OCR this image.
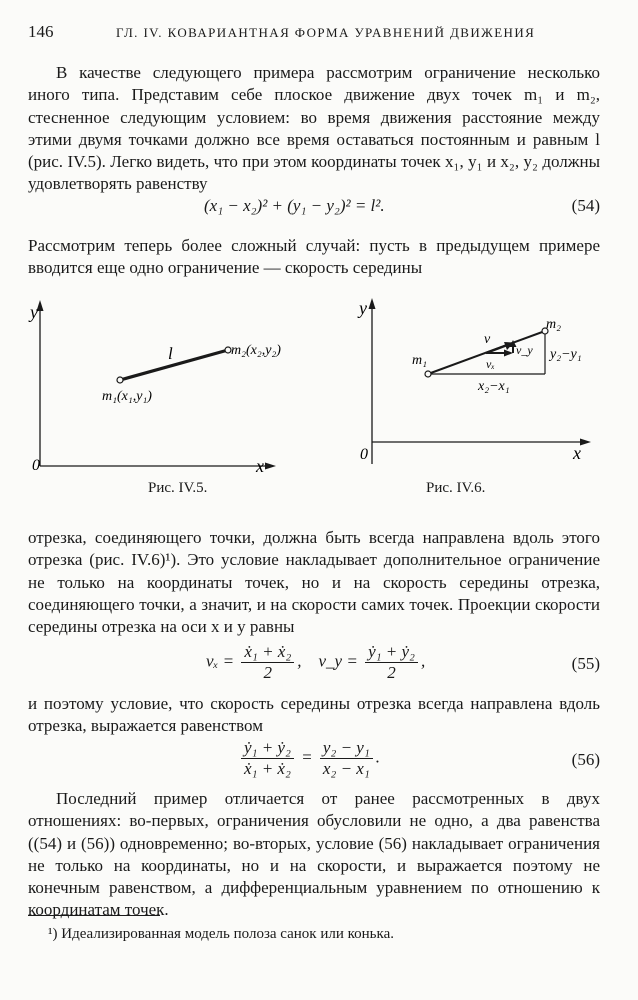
146	ГЛ. IV. КОВАРИАНТНАЯ ФОРМА УРАВНЕНИЙ ДВИЖЕНИЯ

В качестве следующего примера рассмотрим ограничение несколько иного типа. Представим себе плоское движение двух точек m₁ и m₂, стесненное следующим условием: во время движения расстояние между этими двумя точками должно все время оставаться постоянным и равным l (рис. IV.5). Легко видеть, что при этом координаты точек x₁, y₁ и x₂, y₂ должны удовлетворять равенству

(x₁ − x₂)² + (y₁ − y₂)² = l².	(54)

Рассмотрим теперь более сложный случай: пусть в предыдущем примере вводится еще одно ограничение — скорость середины

y
x
0
l
m₁(x₁,y₁)
m₂(x₂,y₂)
Рис. IV.5.
y
x
0
m₁
m₂
v
vₓ
v_y
x₂−x₁
y₂−y₁
Рис. IV.6.

отрезка, соединяющего точки, должна быть всегда направлена вдоль этого отрезка (рис. IV.6)¹). Это условие накладывает дополнительное ограничение не только на координаты точек, но и на скорость середины отрезка, соединяющего точки, а значит, и на скорости самих точек. Проекции скорости середины отрезка на оси x и y равны

$v_x = \frac{\text{ẋ₁ + ẋ₂}}{2}$ , v_y = $\frac{\text{ẏ₁ + ẏ₂}}{2}$ ,	(55)

и поэтому условие, что скорость середины отрезка всегда направлена вдоль отрезка, выражается равенством

$\frac{\text{ẏ₁ + ẏ₂}}{\text{ẋ₁ + ẋ₂}} = \frac{\text{y₂ − y₁}}{\text{x₂ − x₁}}$ .	(56)

Последний пример отличается от ранее рассмотренных в двух отношениях: во-первых, ограничения обусловили не одно, а два равенства ((54) и (56)) одновременно; во-вторых, условие (56) накладывает ограничения не только на координаты, но и на скорости, и выражается поэтому не конечным равенством, а дифференциальным уравнением по отношению к координатам точек.

¹) Идеализированная модель полоза санок или конька.
